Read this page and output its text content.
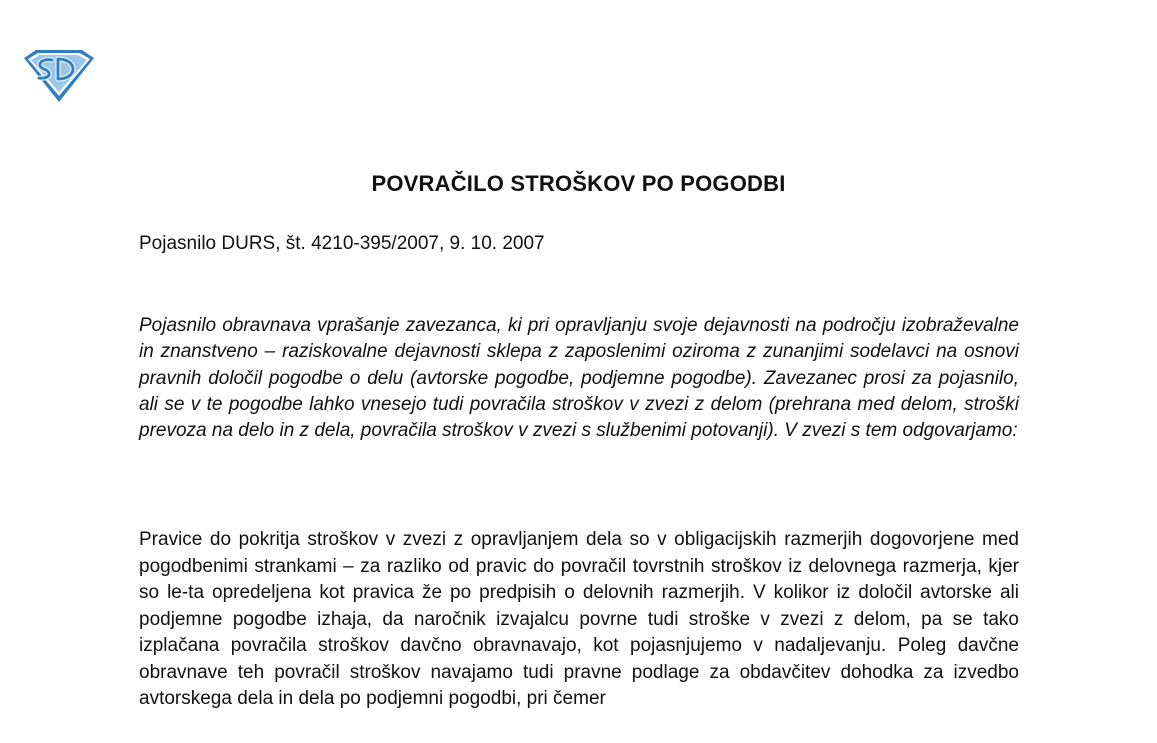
POVRAČILO STROŠKOV PO POGODBI
Pojasnilo DURS, št. 4210-395/2007, 9. 10. 2007

Pojasnilo obravnava vprašanje zavezanca, ki pri opravljanju svoje dejavnosti na področju izobraževalne in znanstveno – raziskovalne dejavnosti sklepa z zaposlenimi oziroma z zunanjimi sodelavci na osnovi pravnih določil pogodbe o delu (avtorske pogodbe, podjemne pogodbe). Zavezanec prosi za pojasnilo, ali se v te pogodbe lahko vnesejo tudi povračila stroškov v zvezi z delom (prehrana med delom, stroški prevoza na delo in z dela, povračila stroškov v zvezi s službenimi potovanji). V zvezi s tem odgovarjamo:

Pravice do pokritja stroškov v zvezi z opravljanjem dela so v obligacijskih razmerjih dogovorjene med pogodbenimi strankami – za razliko od pravic do povračil tovrstnih stroškov iz delovnega razmerja, kjer so le-ta opredeljena kot pravica že po predpisih o delovnih razmerjih. V kolikor iz določil avtorske ali podjemne pogodbe izhaja, da naročnik izvajalcu povrne tudi stroške v zvezi z delom, pa se tako izplačana povračila stroškov davčno obravnavajo, kot pojasnjujemo v nadaljevanju. Poleg davčne obravnave teh povračil stroškov navajamo tudi pravne podlage za obdavčitev dohodka za izvedbo avtorskega dela in dela po podjemni pogodbi, pri čemer
